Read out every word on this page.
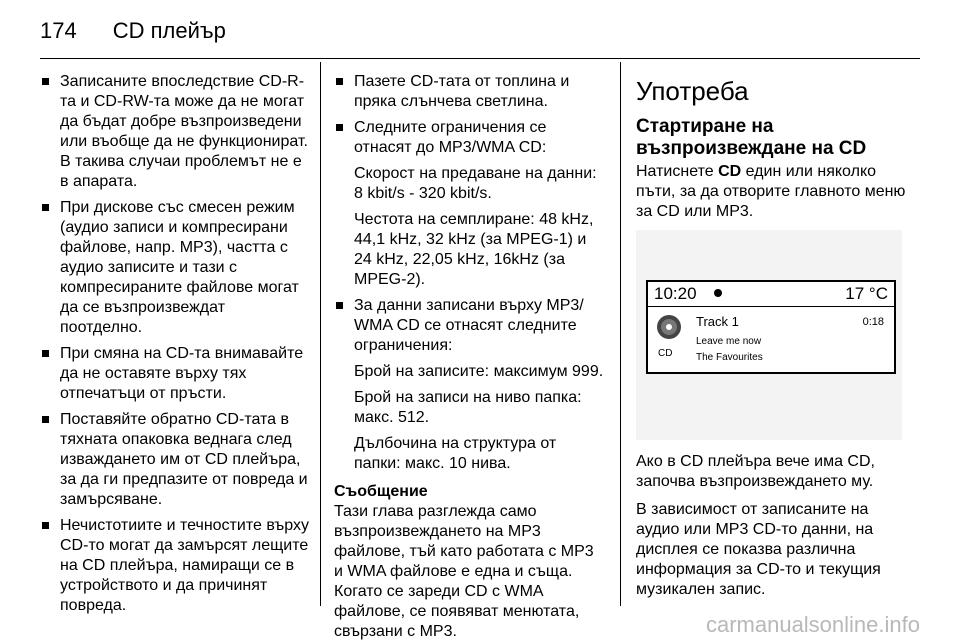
174 CD плейър

Записаните впоследствие CD-R-та и CD-RW-та може да не могат да бъдат добре възпроизведени или въобще да не функционират. В такива случаи проблемът не е в апарата.

При дискове със смесен режим (аудио записи и компресирани файлове, напр. MP3), частта с аудио записите и тази с компресираните файлове могат да се възпроизвеждат поотделно.

При смяна на CD-та внимавайте да не оставяте върху тях отпечатъци от пръсти.

Поставяйте обратно CD-тата в тяхната опаковка веднага след изваждането им от CD плейъра, за да ги предпазите от повреда и замърсяване.

Нечистотиите и течностите върху CD-то могат да замърсят лещите на CD плейъра, намиращи се в устройството и да причинят повреда.

Пазете CD-тата от топлина и пряка слънчева светлина.

Следните ограничения се отнасят до MP3/WMA CD:

Скорост на предаване на данни: 8 kbit/s - 320 kbit/s.

Честота на семплиране: 48 kHz, 44,1 kHz, 32 kHz (за MPEG-1) и 24 kHz, 22,05 kHz, 16kHz (за MPEG-2).

За данни записани върху MP3/ WMA CD се отнасят следните ограничения:

Брой на записите: максимум 999.

Брой на записи на ниво папка: макс. 512.

Дълбочина на структура от папки: макс. 10 нива.

Съобщение
Тази глава разглежда само възпроизвеждането на MP3 файлове, тъй като работата с MP3 и WMA файлове е една и съща. Когато се зареди CD с WMA файлове, се появяват менютата, свързани с MP3.
Употреба
Стартиране на възпроизвеждане на CD
Натиснете CD един или няколко пъти, за да отворите главното меню за CD или MP3.
10:20	17 °C
CD
Track 1
Leave me now
The Favourites
0:18
Ако в CD плейъра вече има CD, започва възпроизвеждането му.
В зависимост от записаните на аудио или MP3 CD-то данни, на дисплея се показва различна информация за CD-то и текущия музикален запис.
carmanualsonline.info
